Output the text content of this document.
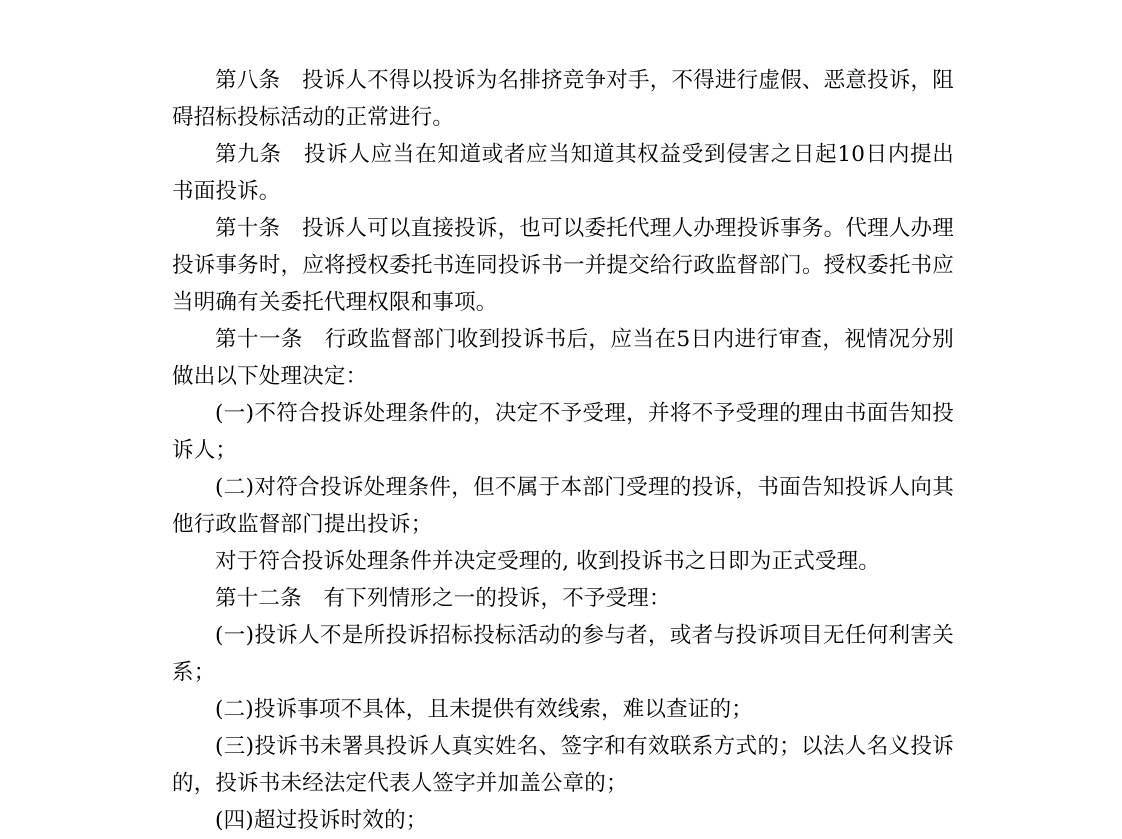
第八条　投诉人不得以投诉为名排挤竞争对手，不得进行虚假、恶意投诉，阻碍招标投标活动的正常进行。

第九条　投诉人应当在知道或者应当知道其权益受到侵害之日起10日内提出书面投诉。

第十条　投诉人可以直接投诉，也可以委托代理人办理投诉事务。代理人办理投诉事务时，应将授权委托书连同投诉书一并提交给行政监督部门。授权委托书应当明确有关委托代理权限和事项。

第十一条　行政监督部门收到投诉书后，应当在5日内进行审查，视情况分别做出以下处理决定：

(一)不符合投诉处理条件的，决定不予受理，并将不予受理的理由书面告知投诉人；

(二)对符合投诉处理条件，但不属于本部门受理的投诉，书面告知投诉人向其他行政监督部门提出投诉；

对于符合投诉处理条件并决定受理的, 收到投诉书之日即为正式受理。

第十二条　有下列情形之一的投诉，不予受理：

(一)投诉人不是所投诉招标投标活动的参与者，或者与投诉项目无任何利害关系；

(二)投诉事项不具体，且未提供有效线索，难以查证的；

(三)投诉书未署具投诉人真实姓名、签字和有效联系方式的；以法人名义投诉的，投诉书未经法定代表人签字并加盖公章的；

(四)超过投诉时效的；
